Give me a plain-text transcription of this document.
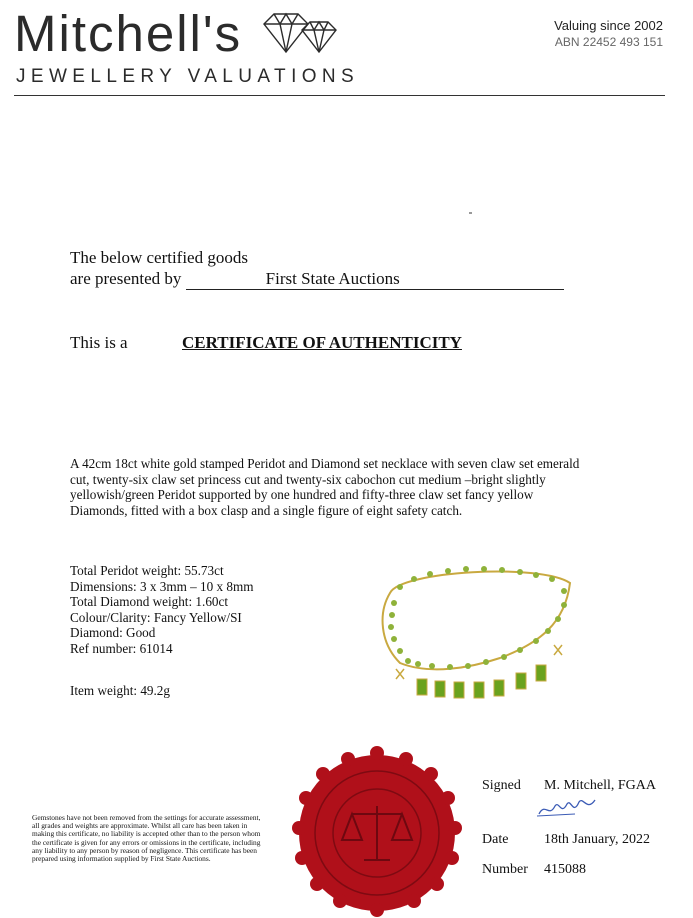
Mitchell's
JEWELLERY VALUATIONS
Valuing since 2002
ABN 22452 493 151
The below certified goods
are presented by	First State Auctions
This is a	CERTIFICATE OF AUTHENTICITY
A 42cm 18ct white gold stamped Peridot and Diamond set necklace with seven claw set emerald cut, twenty-six claw set princess cut and twenty-six cabochon cut medium –bright slightly yellowish/green Peridot supported by one hundred and fifty-three claw set fancy yellow Diamonds, fitted with a box clasp and a single figure of eight safety catch.
Total Peridot weight: 55.73ct
Dimensions: 3 x 3mm – 10 x 8mm
Total Diamond weight: 1.60ct
Colour/Clarity: Fancy Yellow/SI
Diamond: Good
Ref number: 61014
Item weight: 49.2g
Gemstones have not been removed from the settings for accurate assessment, all grades and weights are approximate. Whilst all care has been taken in making this certificate, no liability is accepted other than to the person whom the certificate is given for any errors or omissions in the certificate, including any liability to any person by reason of negligence. This certificate has been prepared using information supplied by First State Auctions.
Signed M. Mitchell, FGAA
Date	18th January, 2022
Number 415088
